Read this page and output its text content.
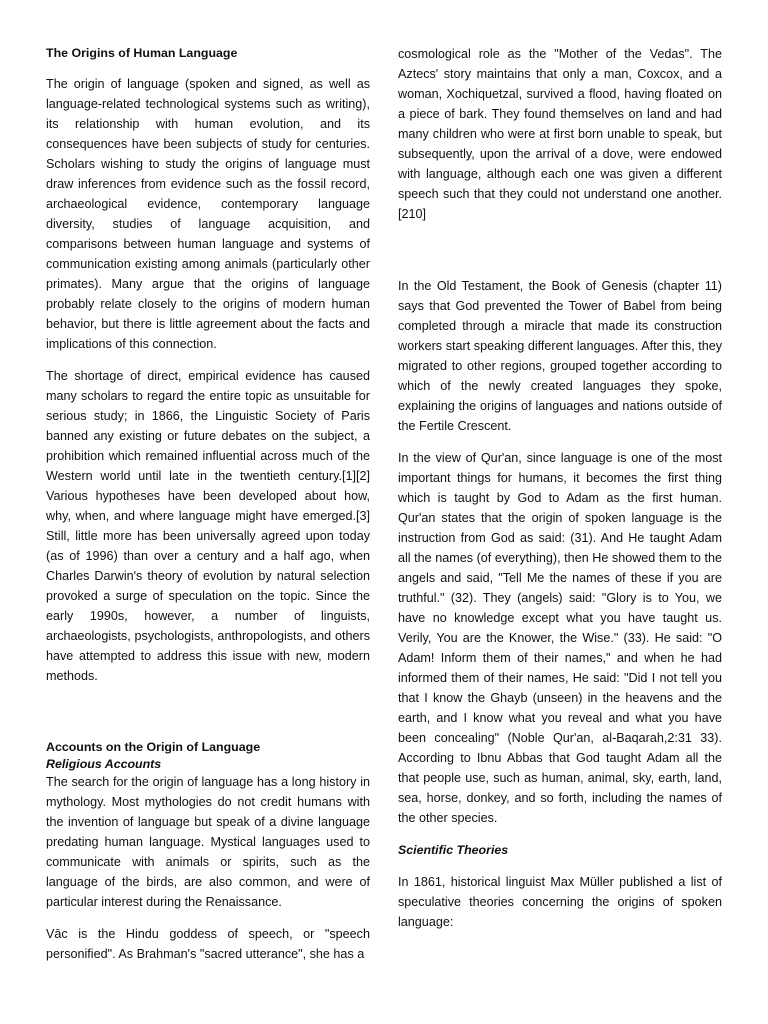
The Origins of Human Language

The origin of language (spoken and signed, as well as language-related technological systems such as writing), its relationship with human evolution, and its consequences have been subjects of study for centuries. Scholars wishing to study the origins of language must draw inferences from evidence such as the fossil record, archaeological evidence, contemporary language diversity, studies of language acquisition, and comparisons between human language and systems of communication existing among animals (particularly other primates). Many argue that the origins of language probably relate closely to the origins of modern human behavior, but there is little agreement about the facts and implications of this connection.

The shortage of direct, empirical evidence has caused many scholars to regard the entire topic as unsuitable for serious study; in 1866, the Linguistic Society of Paris banned any existing or future debates on the subject, a prohibition which remained influential across much of the Western world until late in the twentieth century.[1][2] Various hypotheses have been developed about how, why, when, and where language might have emerged.[3] Still, little more has been universally agreed upon today (as of 1996) than over a century and a half ago, when Charles Darwin's theory of evolution by natural selection provoked a surge of speculation on the topic. Since the early 1990s, however, a number of linguists, archaeologists, psychologists, anthropologists, and others have attempted to address this issue with new, modern methods.

Accounts on the Origin of Language
Religious Accounts

The search for the origin of language has a long history in mythology. Most mythologies do not credit humans with the invention of language but speak of a divine language predating human language. Mystical languages used to communicate with animals or spirits, such as the language of the birds, are also common, and were of particular interest during the Renaissance.

Vāc is the Hindu goddess of speech, or "speech personified". As Brahman's "sacred utterance", she has a

cosmological role as the "Mother of the Vedas". The Aztecs' story maintains that only a man, Coxcox, and a woman, Xochiquetzal, survived a flood, having floated on a piece of bark. They found themselves on land and had many children who were at first born unable to speak, but subsequently, upon the arrival of a dove, were endowed with language, although each one was given a different speech such that they could not understand one another.[210]

In the Old Testament, the Book of Genesis (chapter 11) says that God prevented the Tower of Babel from being completed through a miracle that made its construction workers start speaking different languages. After this, they migrated to other regions, grouped together according to which of the newly created languages they spoke, explaining the origins of languages and nations outside of the Fertile Crescent.

In the view of Qur'an, since language is one of the most important things for humans, it becomes the first thing which is taught by God to Adam as the first human. Qur'an states that the origin of spoken language is the instruction from God as said: (31). And He taught Adam all the names (of everything), then He showed them to the angels and said, "Tell Me the names of these if you are truthful." (32). They (angels) said: "Glory is to You, we have no knowledge except what you have taught us. Verily, You are the Knower, the Wise." (33). He said: "O Adam! Inform them of their names," and when he had informed them of their names, He said: "Did I not tell you that I know the Ghayb (unseen) in the heavens and the earth, and I know what you reveal and what you have been concealing" (Noble Qur'an, al-Baqarah,2:31 33). According to Ibnu Abbas that God taught Adam all the that people use, such as human, animal, sky, earth, land, sea, horse, donkey, and so forth, including the names of the other species.

Scientific Theories

In 1861, historical linguist Max Müller published a list of speculative theories concerning the origins of spoken language:
